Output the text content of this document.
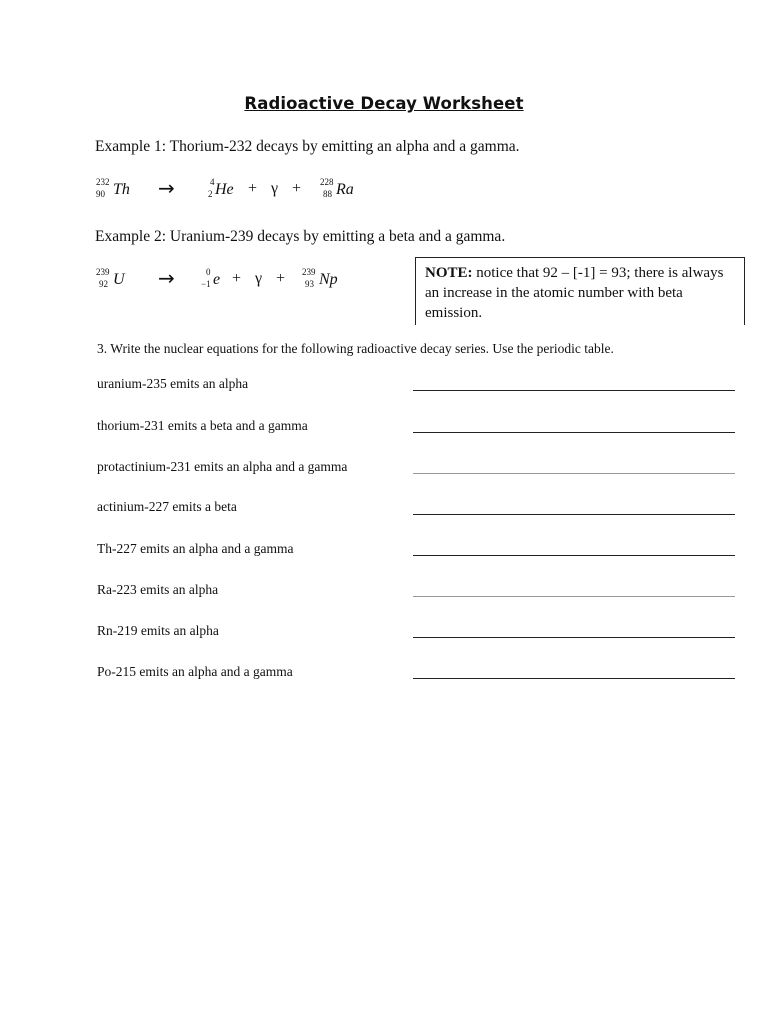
Radioactive Decay Worksheet
Example 1: Thorium-232 decays by emitting an alpha and a gamma.
232
90 Th →	4
2 He + γ + 228
88 Ra
Example 2: Uranium-239 decays by emitting a beta and a gamma.
239
92 U →	0
−1 e + γ + 239
93 Np	NOTE: notice that 92 – [-1] = 93; there is always an increase in the atomic number with beta emission.
3. Write the nuclear equations for the following radioactive decay series. Use the periodic table.
uranium-235 emits an alpha
thorium-231 emits a beta and a gamma
protactinium-231 emits an alpha and a gamma
actinium-227 emits a beta
Th-227 emits an alpha and a gamma
Ra-223 emits an alpha
Rn-219 emits an alpha
Po-215 emits an alpha and a gamma
